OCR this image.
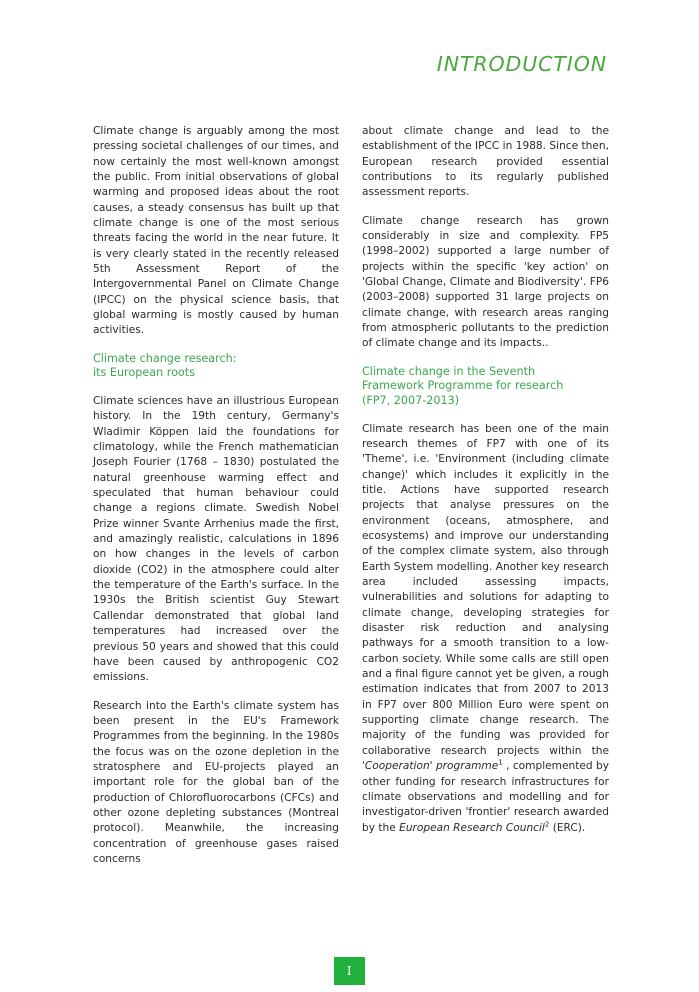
INTRODUCTION

Climate change is arguably among the most pressing societal challenges of our times, and now certainly the most well-known amongst the public. From initial observations of global warming and proposed ideas about the root causes, a steady consensus has built up that climate change is one of the most serious threats facing the world in the near future. It is very clearly stated in the recently released 5th Assessment Report of the Intergovernmental Panel on Climate Change (IPCC) on the physical science basis, that global warming is mostly caused by human activities.

Climate change research:
its European roots

Climate sciences have an illustrious European history. In the 19th century, Germany's Wladimir Köppen laid the foundations for climatology, while the French mathematician Joseph Fourier (1768 – 1830) postulated the natural greenhouse warming effect and speculated that human behaviour could change a regions climate. Swedish Nobel Prize winner Svante Arrhenius made the first, and amazingly realistic, calculations in 1896 on how changes in the levels of carbon dioxide (CO2) in the atmosphere could alter the temperature of the Earth's surface. In the 1930s the British scientist Guy Stewart Callendar demonstrated that global land temperatures had increased over the previous 50 years and showed that this could have been caused by anthropogenic CO2 emissions.

Research into the Earth's climate system has been present in the EU's Framework Programmes from the beginning. In the 1980s the focus was on the ozone depletion in the stratosphere and EU-projects played an important role for the global ban of the production of Chlorofluorocarbons (CFCs) and other ozone depleting substances (Montreal protocol). Meanwhile, the increasing concentration of greenhouse gases raised concerns

about climate change and lead to the establishment of the IPCC in 1988. Since then, European research provided essential contributions to its regularly published assessment reports.

Climate change research has grown considerably in size and complexity. FP5 (1998–2002) supported a large number of projects within the specific 'key action' on 'Global Change, Climate and Biodiversity'. FP6 (2003–2008) supported 31 large projects on climate change, with research areas ranging from atmospheric pollutants to the prediction of climate change and its impacts..

Climate change in the Seventh
Framework Programme for research
(FP7, 2007-2013)

Climate research has been one of the main research themes of FP7 with one of its 'Theme', i.e. 'Environment (including climate change)' which includes it explicitly in the title. Actions have supported research projects that analyse pressures on the environment (oceans, atmosphere, and ecosystems) and improve our understanding of the complex climate system, also through Earth System modelling. Another key research area included assessing impacts, vulnerabilities and solutions for adapting to climate change, developing strategies for disaster risk reduction and analysing pathways for a smooth transition to a low-carbon society. While some calls are still open and a final figure cannot yet be given, a rough estimation indicates that from 2007 to 2013 in FP7 over 800 Million Euro were spent on supporting climate change research. The majority of the funding was provided for collaborative research projects within the 'Cooperation' programme$^1$ , complemented by other funding for research infrastructures for climate observations and modelling and for investigator-driven 'frontier' research awarded by the European Research Council$^2$ (ERC).

I
